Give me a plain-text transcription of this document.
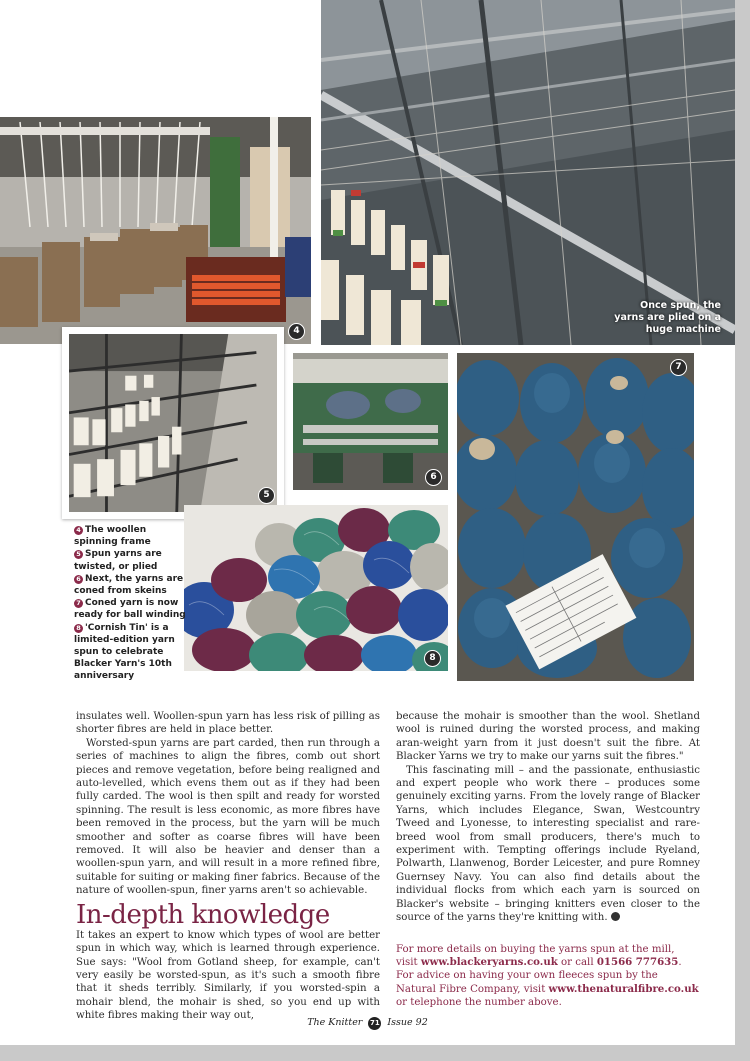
Once spun, the yarns are plied on a huge machine
4
5
6
7
8
4 The woollen spinning frame
5 Spun yarns are twisted, or plied
6 Next, the yarns are coned from skeins
7 Coned yarn is now ready for ball winding
8 'Cornish Tin' is a limited-edition yarn spun to celebrate Blacker Yarn's 10th anniversary

insulates well. Woollen-spun yarn has less risk of pilling as shorter fibres are held in place better.

Worsted-spun yarns are part carded, then run through a series of machines to align the fibres, comb out short pieces and remove vegetation, before being realigned and auto-levelled, which evens them out as if they had been fully carded. The wool is then spilt and ready for worsted spinning. The result is less economic, as more fibres have been removed in the process, but the yarn will be much smoother and softer as coarse fibres will have been removed. It will also be heavier and denser than a woollen-spun yarn, and will result in a more refined fibre, suitable for suiting or making finer fabrics. Because of the nature of woollen-spun, finer yarns aren't so achievable.

In-depth knowledge

It takes an expert to know which types of wool are better spun in which way, which is learned through experience. Sue says: "Wool from Gotland sheep, for example, can't very easily be worsted-spun, as it's such a smooth fibre that it sheds terribly. Similarly, if you worsted-spin a mohair blend, the mohair is shed, so you end up with white fibres making their way out,

because the mohair is smoother than the wool. Shetland wool is ruined during the worsted process, and making aran-weight yarn from it just doesn't suit the fibre. At Blacker Yarns we try to make our yarns suit the fibres."

This fascinating mill – and the passionate, enthusiastic and expert people who work there – produces some genuinely exciting yarns. From the lovely range of Blacker Yarns, which includes Elegance, Swan, Westcountry Tweed and Lyonesse, to interesting specialist and rare-breed wool from small producers, there's much to experiment with. Tempting offerings include Ryeland, Polwarth, Llanwenog, Border Leicester, and pure Romney Guernsey Navy. You can also find details about the individual flocks from which each yarn is sourced on Blacker's website – bringing knitters even closer to the source of the yarns they're knitting with.

For more details on buying the yarns spun at the mill,
visit www.blackeryarns.co.uk or call 01566 777635.
For advice on having your own fleeces spun by the Natural Fibre Company, visit www.thenaturalfibre.co.uk or telephone the number above.

The Knitter 71 Issue 92
